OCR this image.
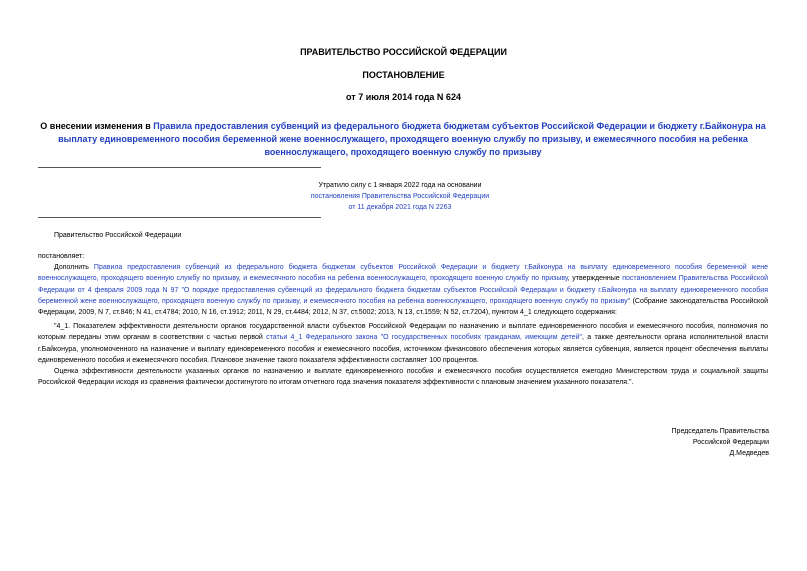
ПРАВИТЕЛЬСТВО РОССИЙСКОЙ ФЕДЕРАЦИИ
ПОСТАНОВЛЕНИЕ
от 7 июля 2014 года N 624
О внесении изменения в Правила предоставления субвенций из федерального бюджета бюджетам субъектов Российской Федерации и бюджету г.Байконура на выплату единовременного пособия беременной жене военнослужащего, проходящего военную службу по призыву, и ежемесячного пособия на ребенка военнослужащего, проходящего военную службу по призыву
Утратило силу с 1 января 2022 года на основании
постановления Правительства Российской Федерации
от 11 декабря 2021 года N 2263
Правительство Российской Федерации
постановляет:
Дополнить Правила предоставления субвенций из федерального бюджета бюджетам субъектов Российской Федерации и бюджету г.Байконура на выплату единовременного пособия беременной жене военнослужащего, проходящего военную службу по призыву, и ежемесячного пособия на ребенка военнослужащего, проходящего военную службу по призыву, утвержденные постановлением Правительства Российской Федерации от 4 февраля 2009 года N 97 "О порядке предоставления субвенций из федерального бюджета бюджетам субъектов Российской Федерации и бюджету г.Байконура на выплату единовременного пособия беременной жене военнослужащего, проходящего военную службу по призыву, и ежемесячного пособия на ребенка военнослужащего, проходящего военную службу по призыву" (Собрание законодательства Российской Федерации, 2009, N 7, ст.846; N 41, ст.4784; 2010, N 16, ст.1912; 2011, N 29, ст.4484; 2012, N 37, ст.5002; 2013, N 13, ст.1559; N 52, ст.7204), пунктом 4_1 следующего содержания:
"4_1. Показателем эффективности деятельности органов государственной власти субъектов Российской Федерации по назначению и выплате единовременного пособия и ежемесячного пособия, полномочия по которым переданы этим органам в соответствии с частью первой статьи 4_1 Федерального закона "О государственных пособиях гражданам, имеющим детей", а также деятельности органа исполнительной власти г.Байконура, уполномоченного на назначение и выплату единовременного пособия и ежемесячного пособия, источником финансового обеспечения которых является субвенция, является процент обеспечения выплаты единовременного пособия и ежемесячного пособия. Плановое значение такого показателя эффективности составляет 100 процентов.
Оценка эффективности деятельности указанных органов по назначению и выплате единовременного пособия и ежемесячного пособия осуществляется ежегодно Министерством труда и социальной защиты Российской Федерации исходя из сравнения фактически достигнутого по итогам отчетного года значения показателя эффективности с плановым значением указанного показателя.".
Председатель Правительства
Российской Федерации
Д.Медведев
